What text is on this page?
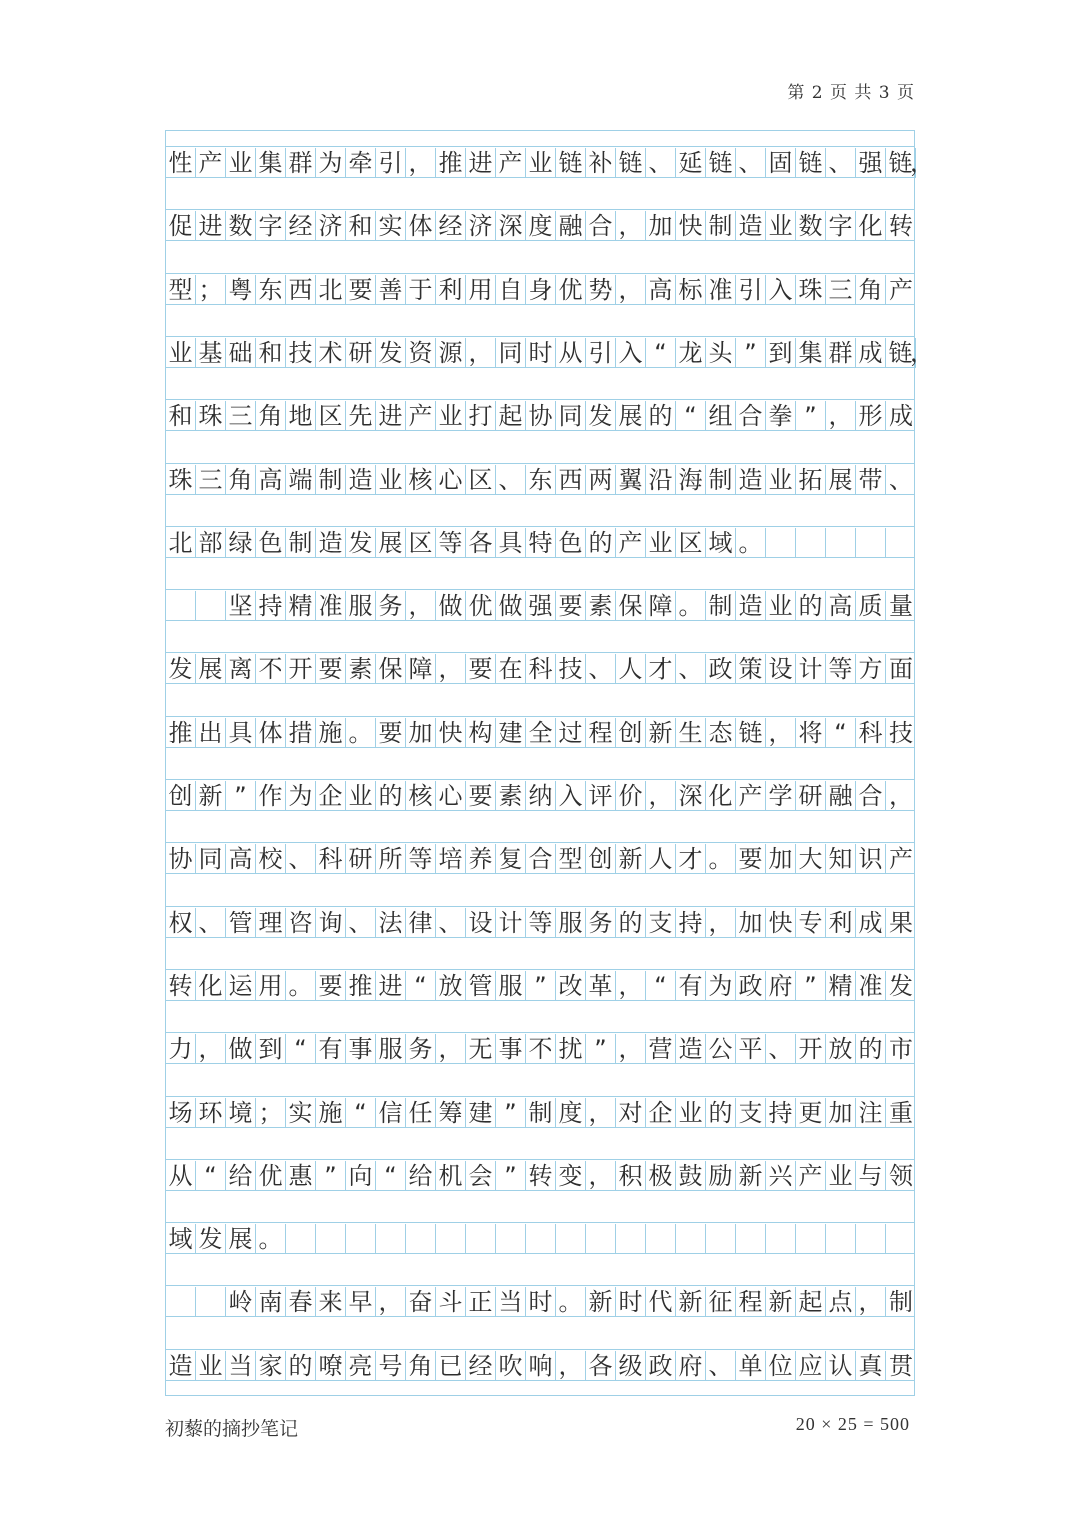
第 2 页 共 3 页
性 产 业 集 群 为 牵 引 ， 推 进 产 业 链 补 链 、 延 链 、 固 链 、 强 链
，
促 进 数 字 经 济 和 实 体 经 济 深 度 融 合 ， 加 快 制 造 业 数 字 化 转
型 ； 粤 东 西 北 要 善 于 利 用 自 身 优 势 ， 高 标 准 引 入 珠 三 角 产
业 基 础 和 技 术 研 发 资 源 ， 同 时 从 引 入 “ 龙 头 ” 到 集 群 成 链
，
和 珠 三 角 地 区 先 进 产 业 打 起 协 同 发 展 的 “ 组 合 拳 ” ， 形 成
珠 三 角 高 端 制 造 业 核 心 区 、 东 西 两 翼 沿 海 制 造 业 拓 展 带 、
北 部 绿 色 制 造 发 展 区 等 各 具 特 色 的 产 业 区 域 。
坚 持 精 准 服 务 ， 做 优 做 强 要 素 保 障 。 制 造 业 的 高 质 量
发 展 离 不 开 要 素 保 障 ， 要 在 科 技 、 人 才 、 政 策 设 计 等 方 面
推 出 具 体 措 施 。 要 加 快 构 建 全 过 程 创 新 生 态 链 ， 将 “ 科 技
创 新 ” 作 为 企 业 的 核 心 要 素 纳 入 评 价 ， 深 化 产 学 研 融 合 ，
协 同 高 校 、 科 研 所 等 培 养 复 合 型 创 新 人 才 。 要 加 大 知 识 产
权 、 管 理 咨 询 、 法 律 、 设 计 等 服 务 的 支 持 ， 加 快 专 利 成 果
转 化 运 用 。 要 推 进 “ 放 管 服 ” 改 革 ， “ 有 为 政 府 ” 精 准 发
力 ， 做 到 “ 有 事 服 务 ， 无 事 不 扰 ” ， 营 造 公 平 、 开 放 的 市
场 环 境 ； 实 施 “ 信 任 筹 建 ” 制 度 ， 对 企 业 的 支 持 更 加 注 重
从 “ 给 优 惠 ” 向 “ 给 机 会 ” 转 变 ， 积 极 鼓 励 新 兴 产 业 与 领
域 发 展 。
岭 南 春 来 早 ， 奋 斗 正 当 时 。 新 时 代 新 征 程 新 起 点 ， 制
造 业 当 家 的 嘹 亮 号 角 已 经 吹 响 ， 各 级 政 府 、 单 位 应 认 真 贯
初藜的摘抄笔记	20 × 25 = 500
